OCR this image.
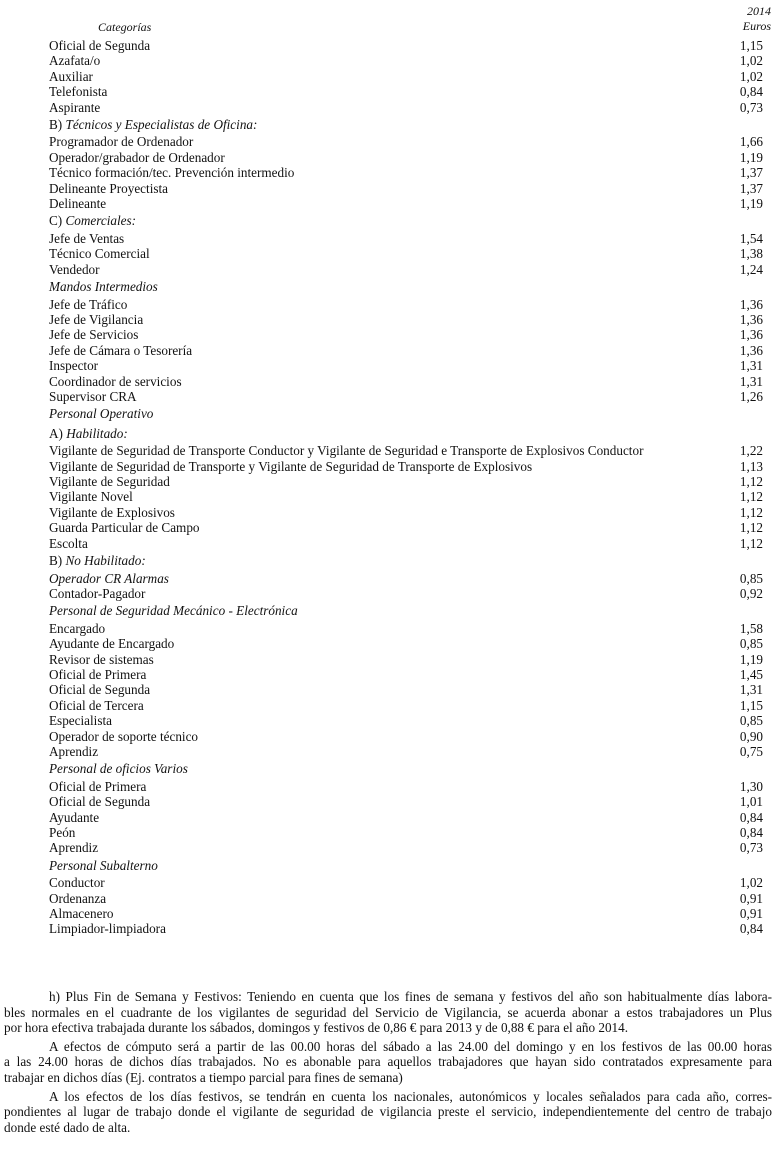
Categorías
2014
Euros
Oficial de Segunda	1,15
Azafata/o	1,02
Auxiliar	1,02
Telefonista	0,84
Aspirante	0,73
B) Técnicos y Especialistas de Oficina:
Programador de Ordenador	1,66
Operador/grabador de Ordenador	1,19
Técnico formación/tec. Prevención intermedio	1,37
Delineante Proyectista	1,37
Delineante	1,19
C) Comerciales:
Jefe de Ventas	1,54
Técnico Comercial	1,38
Vendedor	1,24
Mandos Intermedios
Jefe de Tráfico	1,36
Jefe de Vigilancia	1,36
Jefe de Servicios	1,36
Jefe de Cámara o Tesorería	1,36
Inspector	1,31
Coordinador de servicios	1,31
Supervisor CRA	1,26
Personal Operativo
A) Habilitado:
Vigilante de Seguridad de Transporte Conductor y Vigilante de Seguridad e Transporte de Explosivos Conductor	1,22
Vigilante de Seguridad de Transporte y Vigilante de Seguridad de Transporte de Explosivos	1,13
Vigilante de Seguridad	1,12
Vigilante Novel	1,12
Vigilante de Explosivos	1,12
Guarda Particular de Campo	1,12
Escolta	1,12
B) No Habilitado:
Operador CR Alarmas	0,85
Contador-Pagador	0,92
Personal de Seguridad Mecánico - Electrónica
Encargado	1,58
Ayudante de Encargado	0,85
Revisor de sistemas	1,19
Oficial de Primera	1,45
Oficial de Segunda	1,31
Oficial de Tercera	1,15
Especialista	0,85
Operador de soporte técnico	0,90
Aprendiz	0,75
Personal de oficios Varios
Oficial de Primera	1,30
Oficial de Segunda	1,01
Ayudante	0,84
Peón	0,84
Aprendiz	0,73
Personal Subalterno
Conductor	1,02
Ordenanza	0,91
Almacenero	0,91
Limpiador-limpiadora	0,84
h) Plus Fin de Semana y Festivos: Teniendo en cuenta que los fines de semana y festivos del año son habitualmente días labora-
bles normales en el cuadrante de los vigilantes de seguridad del Servicio de Vigilancia, se acuerda abonar a estos trabajadores un Plus
por hora efectiva trabajada durante los sábados, domingos y festivos de 0,86 € para 2013 y de 0,88 € para el año 2014.
A efectos de cómputo será a partir de las 00.00 horas del sábado a las 24.00 del domingo y en los festivos de las 00.00 horas
a las 24.00 horas de dichos días trabajados. No es abonable para aquellos trabajadores que hayan sido contratados expresamente para
trabajar en dichos días (Ej. contratos a tiempo parcial para fines de semana)
A los efectos de los días festivos, se tendrán en cuenta los nacionales, autonómicos y locales señalados para cada año, corres-
pondientes al lugar de trabajo donde el vigilante de seguridad de vigilancia preste el servicio, independientemente del centro de trabajo
donde esté dado de alta.
